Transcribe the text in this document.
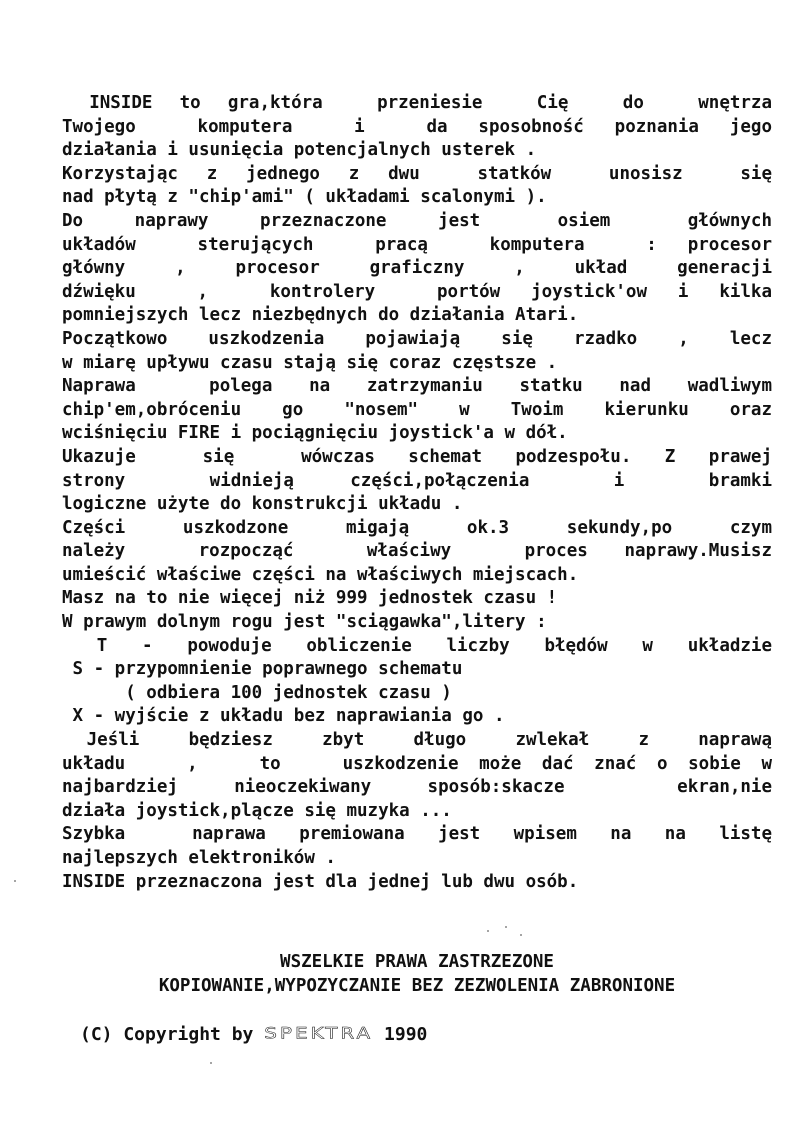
INSIDE to gra,która  przeniesie  Cię  do  wnętrza
Twojego  komputera  i  da sposobność poznania jego
działania i usunięcia potencjalnych usterek .
Korzystając z jednego z dwu  statków  unosisz  się
nad płytą z "chip'ami" ( układami scalonymi ).
Do  naprawy  przeznaczone  jest   osiem   głównych
układów  sterujących  pracą  komputera  : procesor
główny  ,  procesor  graficzny  ,  układ  generacji
dźwięku  ,  kontrolery  portów joystick'ow i kilka
pomniejszych lecz niezbędnych do działania Atari.
Początkowo uszkodzenia pojawiają się rzadko , lecz
w miarę upływu czasu stają się coraz częstsze .
Naprawa  polega na zatrzymaniu statku nad wadliwym
chip'em,obróceniu go "nosem" w Twoim kierunku oraz
wciśnięciu FIRE i pociągnięciu joystick'a w dół.
Ukazuje  się  wówczas schemat podzespołu. Z prawej
strony   widnieją  części,połączenia   i   bramki
logiczne użyte do konstrukcji układu .
Części  uszkodzone  migają  ok.3  sekundy,po  czym
należy  rozpocząć  właściwy  proces naprawy.Musisz
umieścić właściwe części na właściwych miejscach.
Masz na to nie więcej niż 999 jednostek czasu !
W prawym dolnym rogu jest "sciągawka",litery :
T - powoduje obliczenie liczby błędów w układzie
S - przypomnienie poprawnego schematu
( odbiera 100 jednostek czasu )
X - wyjście z układu bez naprawiania go .
Jeśli  będziesz  zbyt  długo  zwlekał  z  naprawą
układu   ,   to   uszkodzenie może dać znać o sobie w
najbardziej nieoczekiwany sposób:skacze  ekran,nie
działa joystick,plącze się muzyka ...
Szybka  naprawa premiowana jest wpisem na na listę
najlepszych elektroników .
INSIDE przeznaczona jest dla jednej lub dwu osób.
WSZELKIE PRAWA ZASTRZEZONE
KOPIOWANIE,WYPOZYCZANIE BEZ ZEZWOLENIA ZABRONIONE
(C) Copyright by SPEKTRA 1990
